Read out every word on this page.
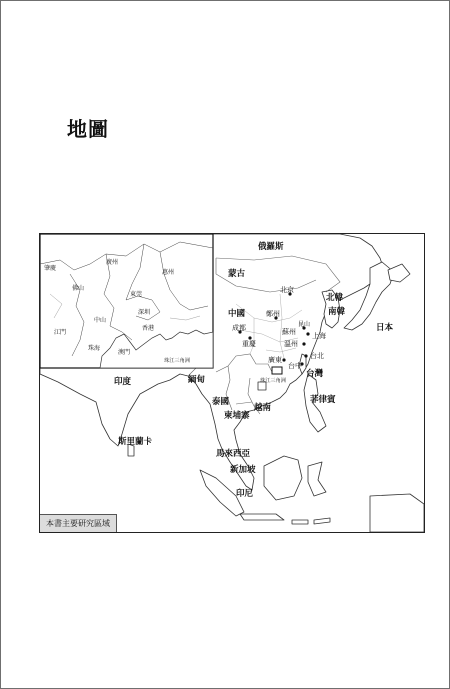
地圖
俄羅斯
蒙古
中國
北韓
南韓
日本
印度	緬甸
泰國
柬埔寨
越南
菲律賓
馬來西亞
新加坡
印尼
斯里蘭卡
台灣
北京
鄭州
成都
重慶
蘇州
昆山
上海
溫州
台北
台中
廣東
珠江三角洲
肇慶
廣州
惠州
佛山
東莞
深圳
中山
江門
香港
珠海
澳門
珠江三角洲
本書主要研究區域
